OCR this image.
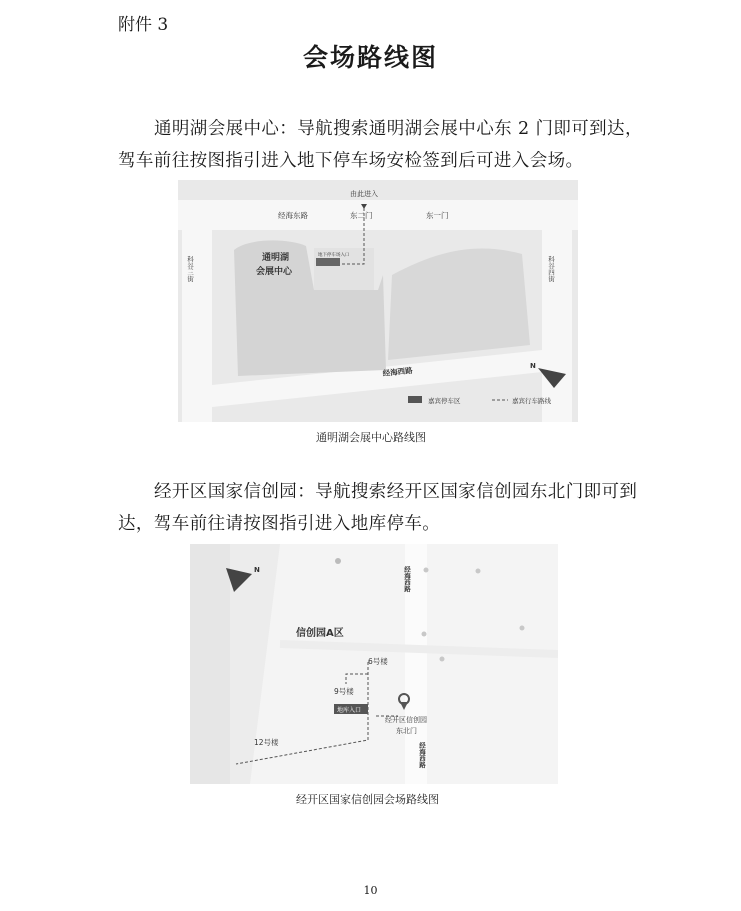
附件 3
会场路线图
通明湖会展中心：导航搜索通明湖会展中心东 2 门即可到达，驾车前往按图指引进入地下停车场安检签到后可进入会场。
由此进入
经海东路	东二门	东一门
地下停车场入口
通明湖
会展中心
科谷三街	科谷四街
经海西路	N
嘉宾停车区	嘉宾行车路线
通明湖会展中心路线图
经开区国家信创园：导航搜索经开区国家信创园东北门即可到达，驾车前往请按图指引进入地库停车。
地库入口
信创园A区
6号楼
9号楼
12号楼
经开区信创园
东北门
经海西路
经海西路
N
经开区国家信创园会场路线图
10
